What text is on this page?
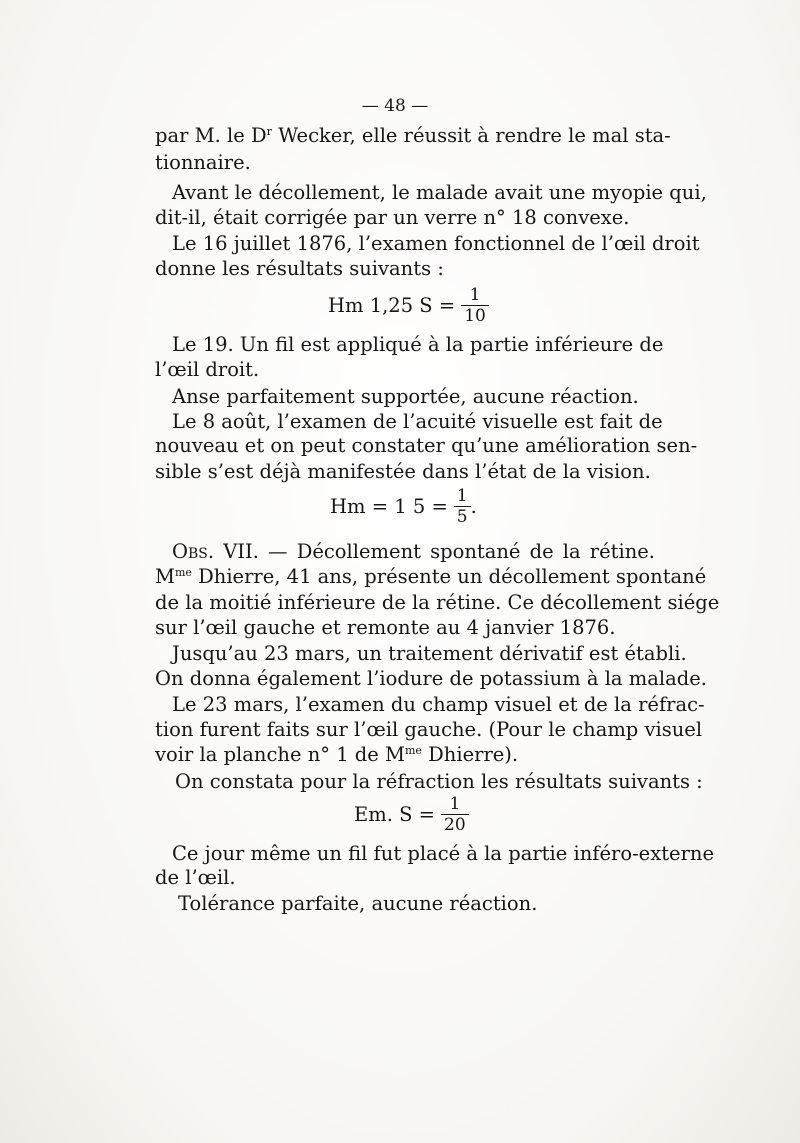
— 48 —
par M. le $D^r$ Wecker, elle réussit à rendre le mal sta-
tionnaire.
Avant le décollement, le malade avait une myopie qui,
dit-il, était corrigée par un verre n° 18 convexe.
Le 16 juillet 1876, l’examen fonctionnel de l’œil droit
donne les résultats suivants :
Hm 1,25 $S = \frac{1}{10}$
Le 19. Un fil est appliqué à la partie inférieure de
l’œil droit.
Anse parfaitement supportée, aucune réaction.
Le 8 août, l’examen de l’acuité visuelle est fait de
nouveau et on peut constater qu’une amélioration sen-
sible s’est déjà manifestée dans l’état de la vision.
Hm = 1 $5 = \frac{1}{5}$ .
Obs. VII. — Décollement spontané de la rétine.
$M^{me}$ Dhierre, 41 ans, présente un décollement spontané
de la moitié inférieure de la rétine. Ce décollement siége
sur l’œil gauche et remonte au 4 janvier 1876.
Jusqu’au 23 mars, un traitement dérivatif est établi.
On donna également l’iodure de potassium à la malade.
Le 23 mars, l’examen du champ visuel et de la réfrac-
tion furent faits sur l’œil gauche. (Pour le champ visuel
voir la planche n° 1 de $M^{me}$ Dhierre).
On constata pour la réfraction les résultats suivants :
Em. $S = \frac{1}{20}$
Ce jour même un fil fut placé à la partie inféro-externe
de l’œil.
Tolérance parfaite, aucune réaction.
